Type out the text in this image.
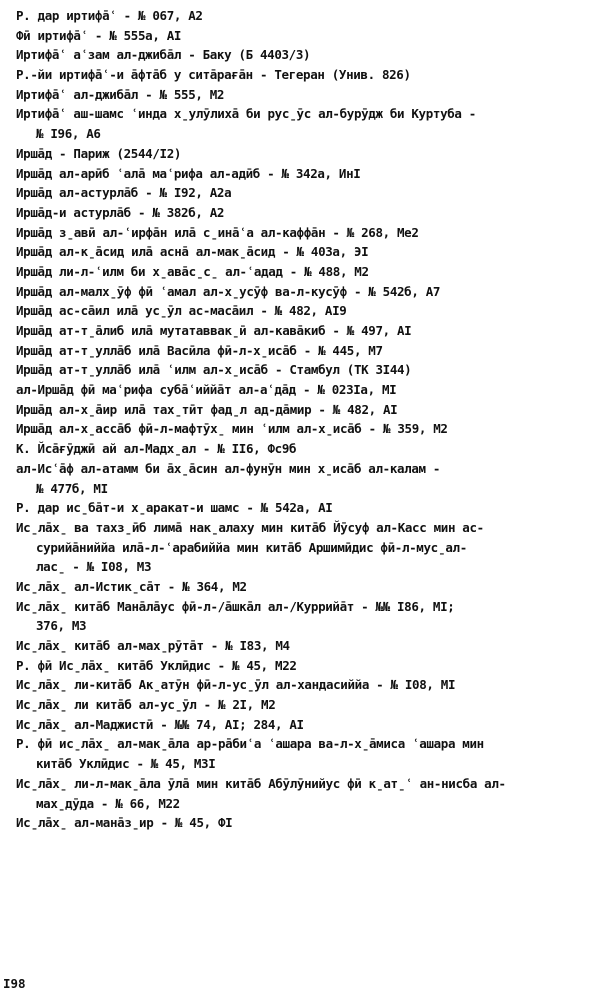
Р. дар иртифа̄ʿ - № 067, А2
Фӣ иртифа̄ʿ - № 555а, АI
Иртифа̄ʿ аʿзам ал-джиба̄л - Баку (Б 4403/3)
Р.-йи иртифа̄ʿ-и а̄фта̄б у сита̄раға̄н - Тегеран (Унив. 826)
Иртифа̄ʿ ал-джиба̄л - № 555, М2
Иртифа̄ʿ аш-шамс ʿинда х̱улӯлиха̄ би рус̱ӯс ал-бурӯдж би Куртуба -
№ I96, А6
Ирша̄д - Париж (2544/I2)
Ирша̄д ал-арӣб ʿала̄ маʿрифа ал-адӣб - № 342а, ИнI
Ирша̄д ал-астурла̄б - № I92, А2а
Ирша̄д-и астурла̄б - № 382б, А2
Ирша̄д з̱авӣ ал-ʿирфа̄н ила̄ с̱ина̄ʿа ал-каффа̄н - № 268, Ме2
Ирша̄д ал-к̱а̄сид ила̄ асна̄ ал-мак̱а̄сид - № 403а, ЭI
Ирша̄д ли-л-ʿилм би х̱ава̄с̱с̱ ал-ʿадад - № 488, М2
Ирша̄д ал-малх̱ӯф фӣ ʿамал ал-х̱усӯф ва-л-кусӯф - № 542б, А7
Ирша̄д ас-са̄ил ила̄ ус̱ӯл ас-маса̄ил - № 482, АI9
Ирша̄д ат-т̱а̄либ ила̄ мутатаввак̱ӣ ал-кава̄киб - № 497, АI
Ирша̄д ат-т̱улла̄б ила̄ Васӣла фӣ-л-х̱иса̄б - № 445, М7
Ирша̄д ат-т̱улла̄б ила̄ ʿилм ал-х̱иса̄б - Стамбул (ТК 3I44)
ал-Ирша̄д фӣ маʿрифа суба̄ʿиййа̄т ал-аʿда̄д - № 023Iа, МI
Ирша̄д ал-х̱а̄ир ила̄ тах̱тӣт фад̱л ад-да̄мир - № 482, АI
Ирша̄д ал-х̱асса̄б фӣ-л-мафтӯх̱ мин ʿилм ал-х̱иса̄б - № 359, М2
К. Йса̄ғӯджӣ ай ал-Мадх̱ал - № II6, Фс9б
ал-Исʿа̄ф ал-атамм би а̄х̱а̄син ал-фунӯн мин х̱иса̄б ал-калам -
№ 477б, МI
Р. дар ис̱ба̄т-и х̱аракат-и шамс - № 542а, АI
Ис̱ла̄х̱ ва тахз̱ӣб лима̄ нак̱алаху мин кита̄б Йӯсуф ал-Касс мин ас-
сурийа̄ниййа ила̄-л-ʿарабиййа мин кита̄б Аршимӣдис фӣ-л-мус̱ал-
лас̱ - № I08, М3
Ис̱ла̄х̱ ал-Истик̱са̄т - № 364, М2
Ис̱ла̄х̱ кита̄б Мана̄ла̄ус фӣ-л-/а̄шка̄л ал-/Куррийа̄т - №№ I86, МI;
376, М3
Ис̱ла̄х̱ кита̄б ал-мах̱рӯта̄т - № I83, М4
Р. фӣ Ис̱ла̄х̱ кита̄б Уклӣдис - № 45, М22
Ис̱ла̄х̱ ли-кита̄б Ак̱атӯн фӣ-л-ус̱ӯл ал-хандасиййа - № I08, МI
Ис̱ла̄х̱ ли кита̄б ал-ус̱ӯл - № 2I, М2
Ис̱ла̄х̱ ал-Маджистӣ - №№ 74, АI; 284, АI
Р. фӣ ис̱ла̄х̱ ал-мак̱а̄ла ар-ра̄биʿа ʿашара ва-л-х̱а̄миса ʿашара мин
кита̄б Уклӣдис - № 45, М3I
Ис̱ла̄х̱ ли-л-мак̱а̄ла ӯла̄ мин кита̄б Абӯлӯнийус фӣ к̱ат̱ʿ ан-нисба ал-
мах̱дӯда - № 66, М22
Ис̱ла̄х̱ ал-мана̄з̱ир - № 45, ФI
I98
